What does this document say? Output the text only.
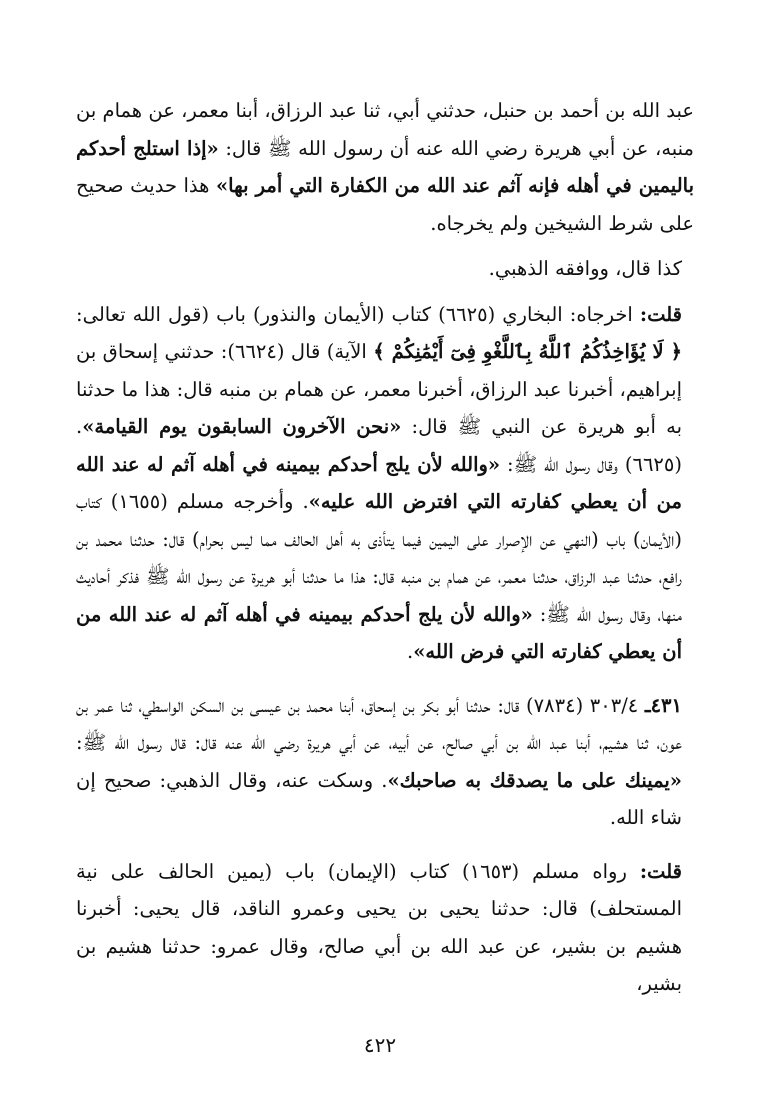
عبد الله بن أحمد بن حنبل، حدثني أبي، ثنا عبد الرزاق، أبنا معمر، عن همام بن منبه، عن أبي هريرة رضي الله عنه أن رسول الله ﷺ قال: «إذا استلج أحدكم باليمين في أهله فإنه آثم عند الله من الكفارة التي أمر بها» هذا حديث صحيح على شرط الشيخين ولم يخرجاه.

كذا قال، ووافقه الذهبي.

قلت: اخرجاه: البخاري (٦٦٢٥) كتاب (الأيمان والنذور) باب (قول الله تعالى: ﴿ لَا يُؤَاخِذُكُمُ ٱللَّهُ بِٱللَّغْوِ فِىٓ أَيْمَٰنِكُمْ ﴾ الآية) قال (٦٦٢٤): حدثني إسحاق بن إبراهيم، أخبرنا عبد الرزاق، أخبرنا معمر، عن همام بن منبه قال: هذا ما حدثنا به أبو هريرة عن النبي ﷺ قال: «نحن الآخرون السابقون يوم القيامة». (٦٦٢٥) وقال رسول الله ﷺ: «والله لأن يلج أحدكم بيمينه في أهله آثم له عند الله من أن يعطي كفارته التي افترض الله عليه». وأخرجه مسلم (١٦٥٥) كتاب (الأيمان) باب (النهي عن الإصرار على اليمين فيما يتأذى به أهل الحالف مما ليس بحرام) قال: حدثنا محمد بن رافع، حدثنا عبد الرزاق، حدثنا معمر، عن همام بن منبه قال: هذا ما حدثنا أبو هريرة عن رسول الله ﷺ فذكر أحاديث منها، وقال رسول الله ﷺ: «والله لأن يلج أحدكم بيمينه في أهله آثم له عند الله من أن يعطي كفارته التي فرض الله».

٤٣١ـ ٣٠٣/٤ (٧٨٣٤) قال: حدثنا أبو بكر بن إسحاق، أبنا محمد بن عيسى بن السكن الواسطي، ثنا عمر بن عون، ثنا هشيم، أبنا عبد الله بن أبي صالح، عن أبيه، عن أبي هريرة رضي الله عنه قال: قال رسول الله ﷺ: «يمينك على ما يصدقك به صاحبك». وسكت عنه، وقال الذهبي: صحيح إن شاء الله.

قلت: رواه مسلم (١٦٥٣) كتاب (الإيمان) باب (يمين الحالف على نية المستحلف) قال: حدثنا يحيى بن يحيى وعمرو الناقد، قال يحيى: أخبرنا هشيم بن بشير، عن عبد الله بن أبي صالح، وقال عمرو: حدثنا هشيم بن بشير،

٤٢٢
